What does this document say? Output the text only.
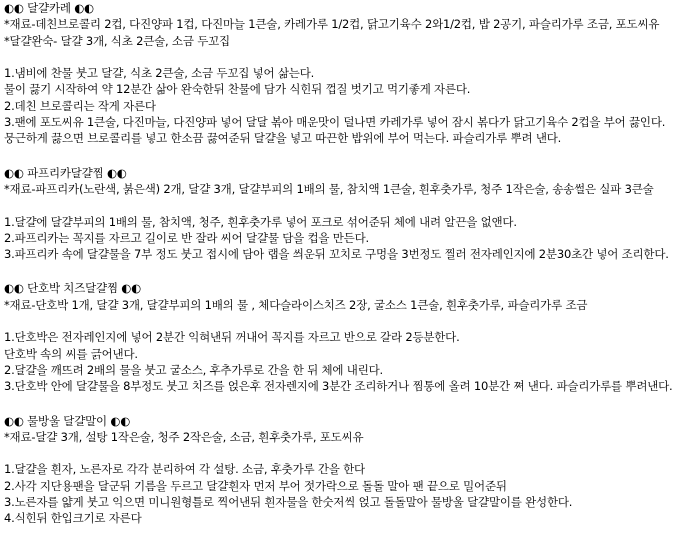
◐◐ 달걀카레 ◐◐
*재료-데친브로콜리 2컵, 다진양파 1컵, 다진마늘 1큰술, 카레가루 1/2컵, 닭고기육수 2와1/2컵, 밥 2공기, 파슬리가루 조금, 포도씨유
*달걀완숙- 달걀 3개, 식초 2큰술, 소금 두꼬집
1.냄비에 찬물 붓고 달걀, 식초 2큰술, 소금 두꼬집 넣어 삶는다.
물이 끓기 시작하여 약 12분간 삶아 완숙한뒤 찬물에 담가 식힌뒤 껍질 벗기고 먹기좋게 자른다.
2.데친 브로콜리는 작게 자른다
3.팬에 포도씨유 1큰술, 다진마늘, 다진양파 넣어 달달 볶아 매운맛이 덜나면 카레가루 넣어 잠시 볶다가 닭고기육수 2컵을 부어 끓인다.
뭉근하게 끓으면 브로콜리를 넣고 한소끔 끓여준뒤 달걀을 넣고 따끈한 밥위에 부어 먹는다. 파슬리가루 뿌려 낸다.
◐◐ 파프리카달걀찜 ◐◐
*재료-파프리카(노란색, 붉은색) 2개, 달걀 3개, 달걀부피의 1배의 물, 참치액 1큰술, 흰후춧가루, 청주 1작은술, 송송썰은 실파 3큰술
1.달걀에 달걀부피의 1배의 물, 참치액, 청주, 흰후춧가루 넣어 포크로 섞어준뒤 체에 내려 알끈을 없앤다.
2.파프리카는 꼭지를 자르고 길이로 반 잘라 씨어 달걀물 담을 컵을 만든다.
3.파프리카 속에 달걀물을 7부 정도 붓고 접시에 담아 랩을 씌운뒤 꼬치로 구멍을 3번정도 찔러 전자레인지에 2분30초간 넣어 조리한다.
◐◐ 단호박 치즈달걀찜 ◐◐
*재료-단호박 1개, 달걀 3개, 달걀부피의 1배의 물 , 체다슬라이스치즈 2장, 굴소스 1큰술, 흰후춧가루, 파슬리가루 조금
1.단호박은 전자레인지에 넣어 2분간 익혀낸뒤 꺼내어 꼭지를 자르고 반으로 갈라 2등분한다.
단호박 속의 씨를 긁어낸다.
2.달걀을 깨뜨려 2배의 물을 붓고 굴소스, 후추가루로 간을 한 뒤 체에 내린다.
3.단호박 안에 달걀물을 8부정도 붓고 치즈를 얹은후 전자렌지에 3분간 조리하거나 찜통에 올려 10분간 쪄 낸다. 파슬리가루를 뿌려낸다.
◐◐ 물방울 달걀말이 ◐◐
*재료-달걀 3개, 설탕 1작은술, 청주 2작은술, 소금, 흰후춧가루, 포도씨유
1.달걀을 흰자, 노른자로 각각 분리하여 각 설탕. 소금, 후춧가루 간을 한다
2.사각 지단용팬을 달군뒤 기름을 두르고 달걀흰자 먼저 부어 젓가락으로 돌돌 말아 팬 끝으로 밀어준뒤
3.노른자를 얇게 붓고 익으면 미니원형틀로 찍어낸뒤 흰자물을 한숫저씩 얹고 돌돌말아 물방울 달걀말이를 완성한다.
4.식힌뒤 한입크기로 자른다
